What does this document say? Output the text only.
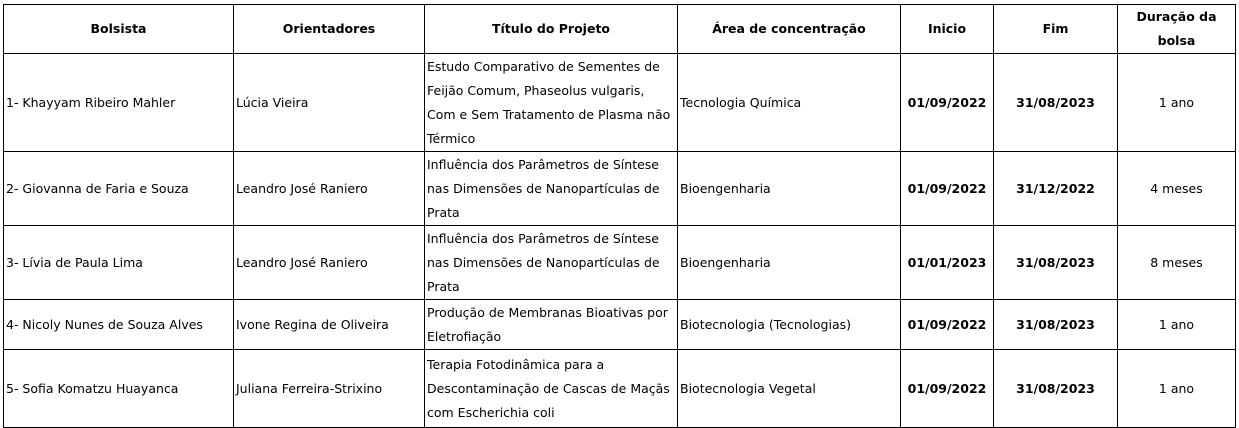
Bolsista	Orientadores	Título do Projeto	Área de concentração	Inicio	Fim	Duração da bolsa
1- Khayyam Ribeiro Mahler	Lúcia Vieira	Estudo Comparativo de Sementes de Feijão Comum, Phaseolus vulgaris, Com e Sem Tratamento de Plasma não Térmico	Tecnologia Química	01/09/2022	31/08/2023	1 ano
2- Giovanna de Faria e Souza	Leandro José Raniero	Influência dos Parâmetros de Síntese nas Dimensões de Nanopartículas de Prata	Bioengenharia	01/09/2022	31/12/2022	4 meses
3- Lívia de Paula Lima	Leandro José Raniero	Influência dos Parâmetros de Síntese nas Dimensões de Nanopartículas de Prata	Bioengenharia	01/01/2023	31/08/2023	8 meses
4- Nicoly Nunes de Souza Alves	Ivone Regina de Oliveira	Produção de Membranas Bioativas por Eletrofiação	Biotecnologia (Tecnologias)	01/09/2022	31/08/2023	1 ano
5- Sofia Komatzu Huayanca	Juliana Ferreira-Strixino	Terapia Fotodinâmica para a Descontaminação de Cascas de Maçãs com Escherichia coli	Biotecnologia Vegetal	01/09/2022	31/08/2023	1 ano
